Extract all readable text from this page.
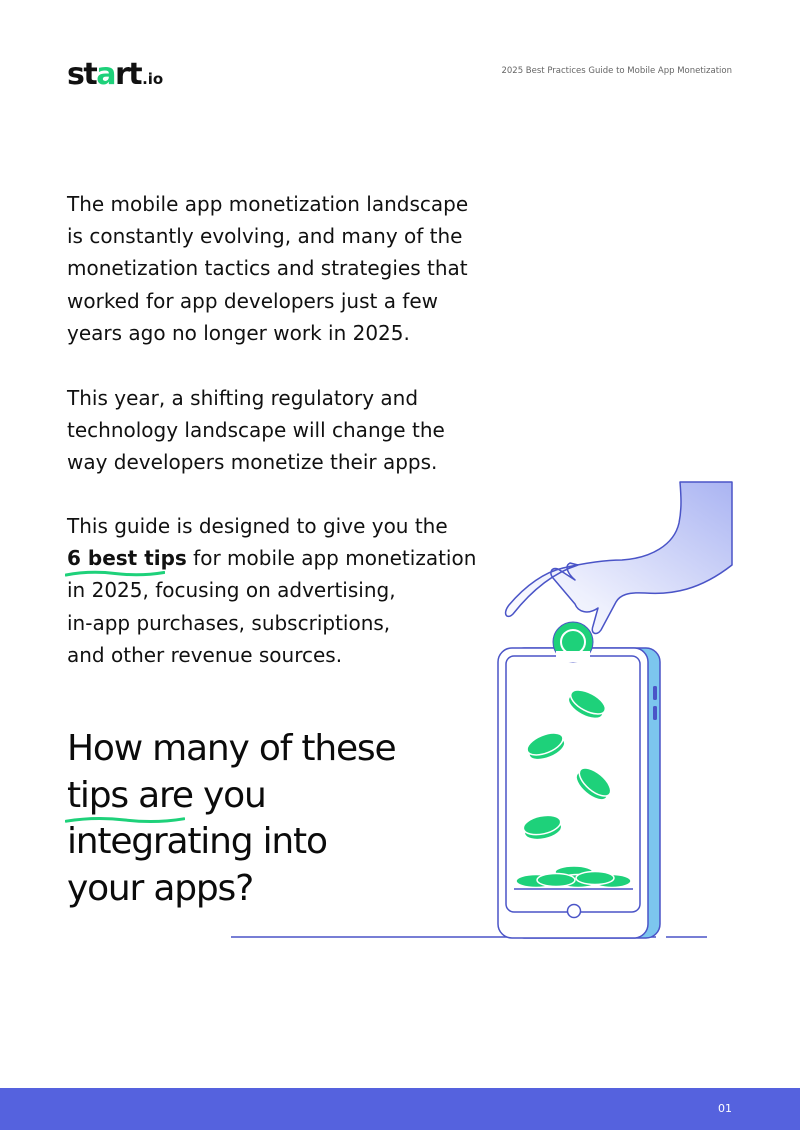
start.io	2025 Best Practices Guide to Mobile App Monetization

The mobile app monetization landscape
is constantly evolving, and many of the
monetization tactics and strategies that
worked for app developers just a few
years ago no longer work in 2025.

This year, a shifting regulatory and
technology landscape will change the
way developers monetize their apps.

This guide is designed to give you the
6 best tips
for mobile app monetization
in 2025, focusing on advertising,
in-app purchases, subscriptions,
and other revenue sources.

How many of these
tips
are you
integrating into
your apps?
01
